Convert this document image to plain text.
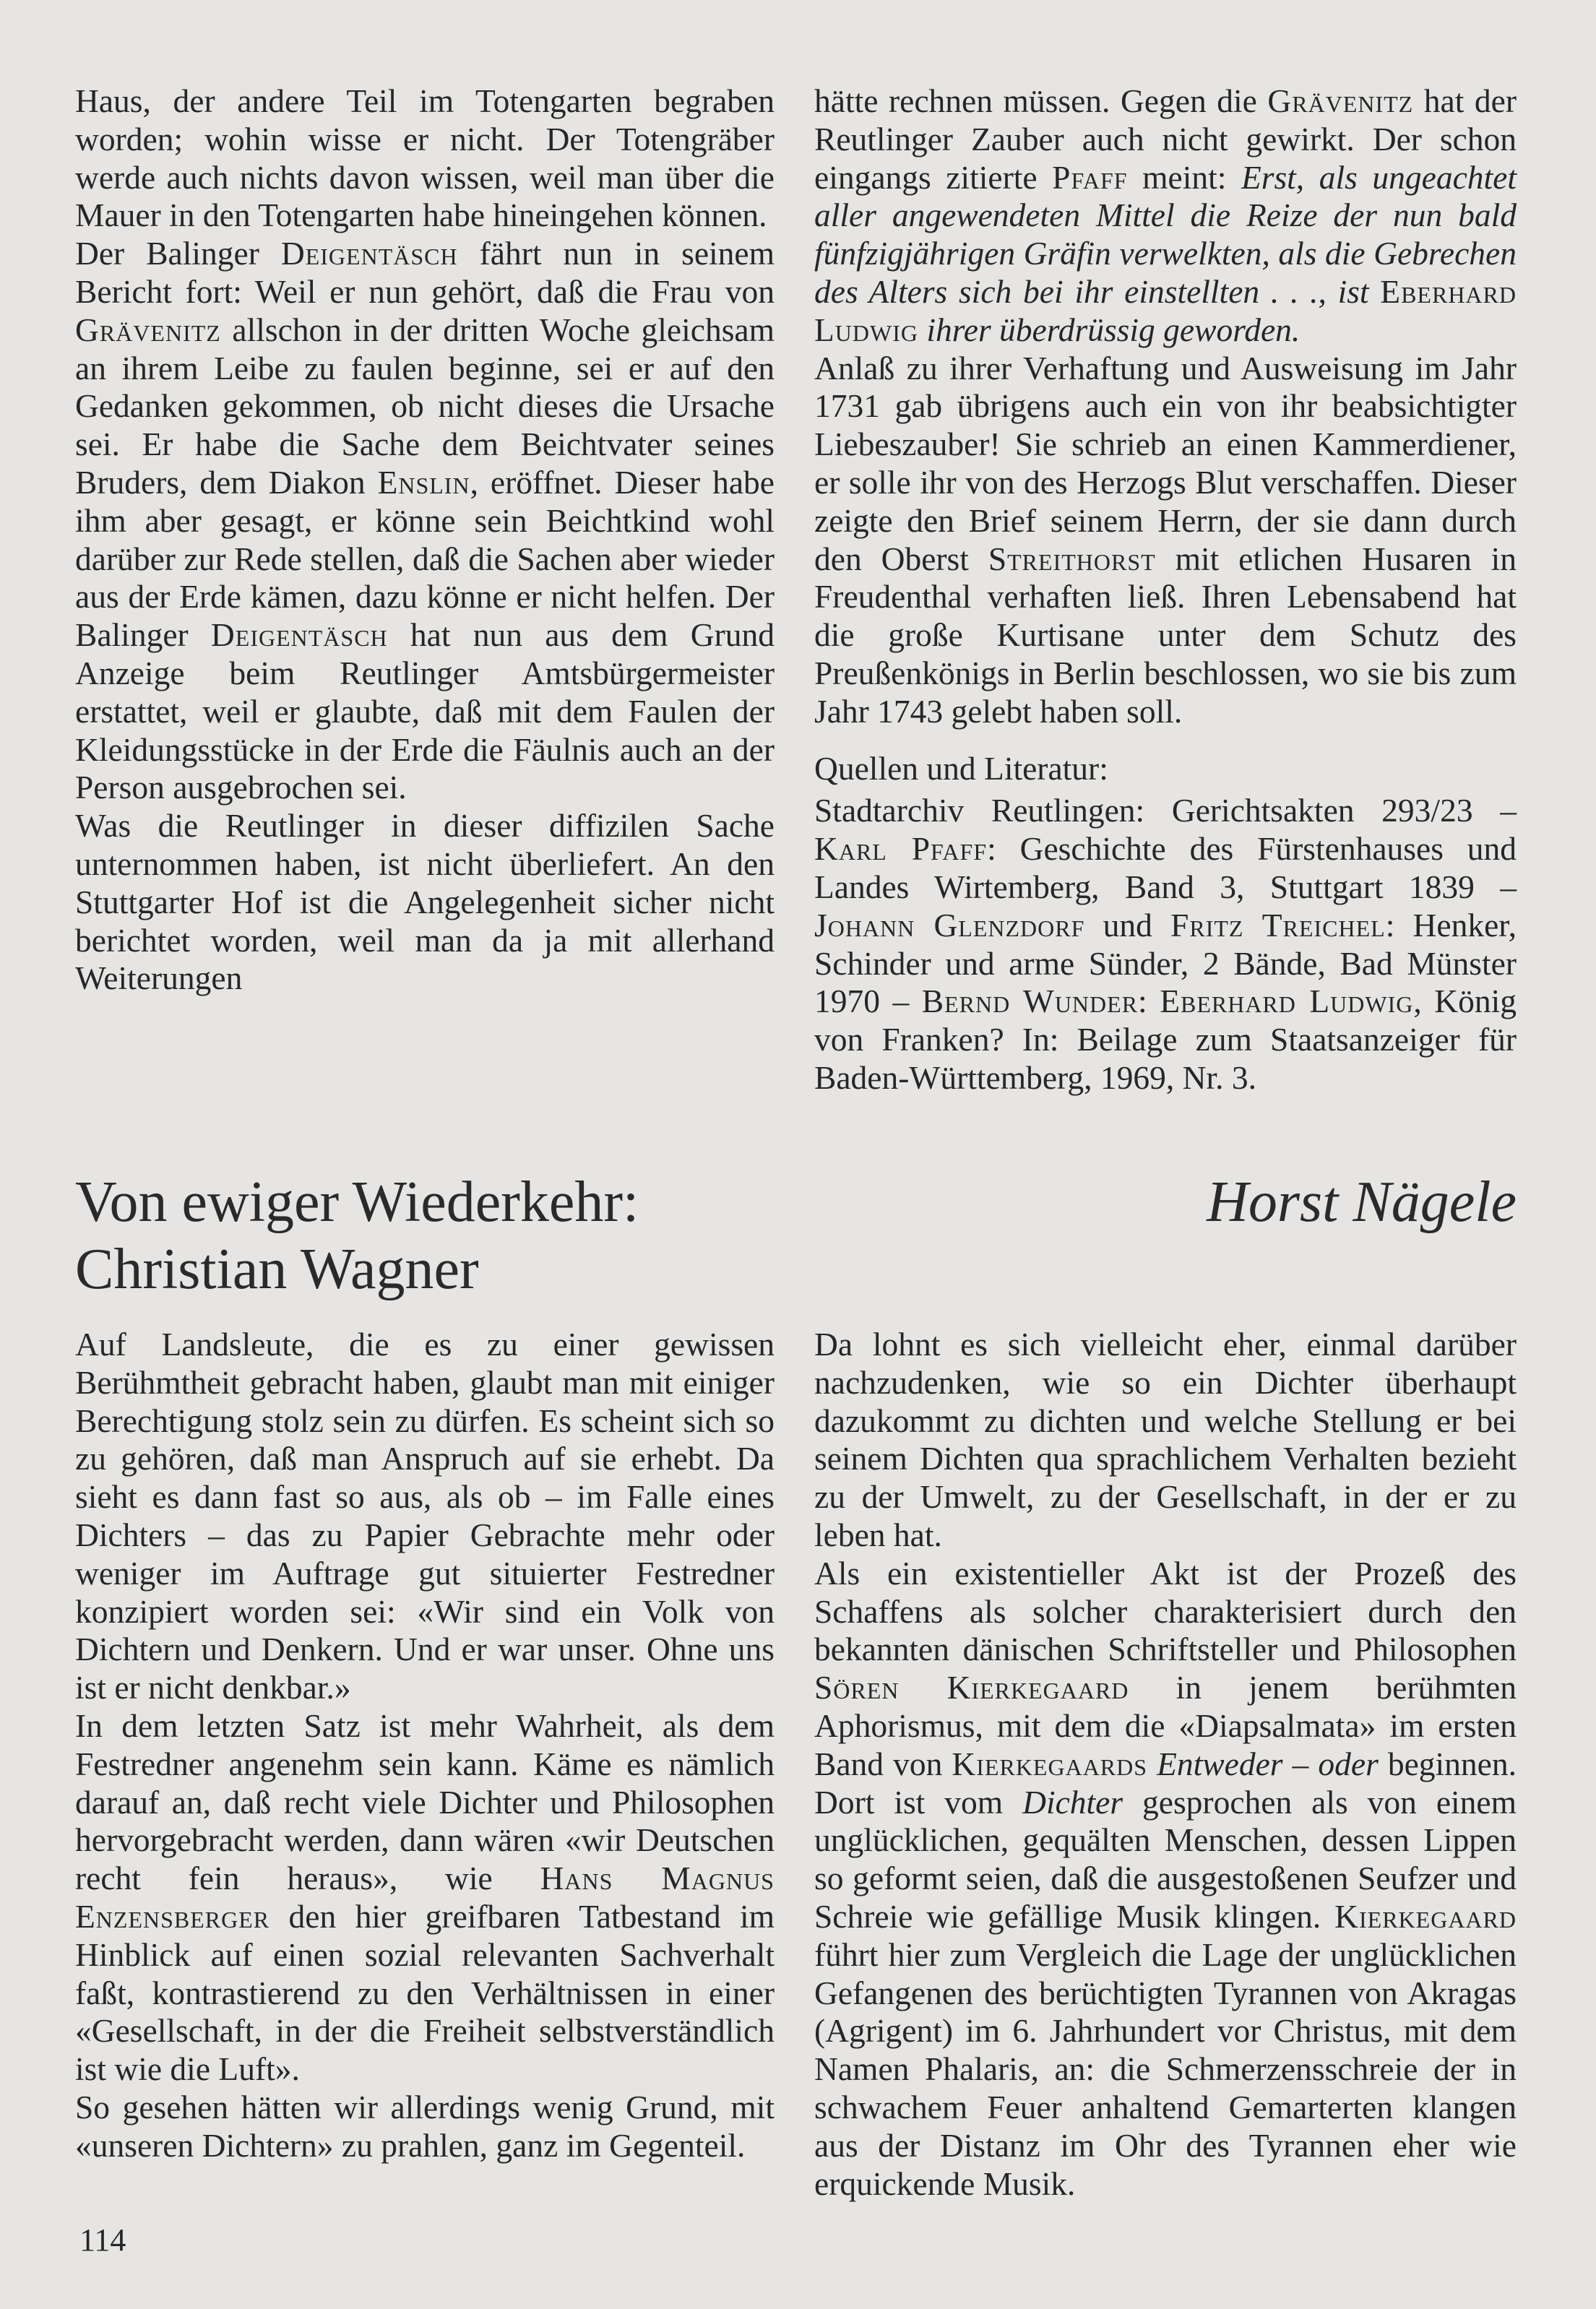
Haus, der andere Teil im Totengarten begraben worden; wohin wisse er nicht. Der Totengräber werde auch nichts davon wissen, weil man über die Mauer in den Totengarten habe hineingehen können.

Der Balinger Deigentäsch fährt nun in seinem Bericht fort: Weil er nun gehört, daß die Frau von Grävenitz allschon in der dritten Woche gleichsam an ihrem Leibe zu faulen beginne, sei er auf den Gedanken gekommen, ob nicht dieses die Ursache sei. Er habe die Sache dem Beichtvater seines Bruders, dem Diakon Enslin, eröffnet. Dieser habe ihm aber gesagt, er könne sein Beichtkind wohl darüber zur Rede stellen, daß die Sachen aber wieder aus der Erde kämen, dazu könne er nicht helfen. Der Balinger Deigentäsch hat nun aus dem Grund Anzeige beim Reutlinger Amtsbürgermeister erstattet, weil er glaubte, daß mit dem Faulen der Kleidungsstücke in der Erde die Fäulnis auch an der Person ausgebrochen sei.

Was die Reutlinger in dieser diffizilen Sache unternommen haben, ist nicht überliefert. An den Stuttgarter Hof ist die Angelegenheit sicher nicht berichtet worden, weil man da ja mit allerhand Weiterungen

hätte rechnen müssen. Gegen die Grävenitz hat der Reutlinger Zauber auch nicht gewirkt. Der schon eingangs zitierte Pfaff meint: Erst, als ungeachtet aller angewendeten Mittel die Reize der nun bald fünfzigjährigen Gräfin verwelkten, als die Gebrechen des Alters sich bei ihr einstellten . . ., ist Eberhard Ludwig ihrer überdrüssig geworden.

Anlaß zu ihrer Verhaftung und Ausweisung im Jahr 1731 gab übrigens auch ein von ihr beabsichtigter Liebeszauber! Sie schrieb an einen Kammerdiener, er solle ihr von des Herzogs Blut verschaffen. Dieser zeigte den Brief seinem Herrn, der sie dann durch den Oberst Streithorst mit etlichen Husaren in Freudenthal verhaften ließ. Ihren Lebensabend hat die große Kurtisane unter dem Schutz des Preußenkönigs in Berlin beschlossen, wo sie bis zum Jahr 1743 gelebt haben soll.

Quellen und Literatur:

Stadtarchiv Reutlingen: Gerichtsakten 293/23 – Karl Pfaff: Geschichte des Fürstenhauses und Landes Wirtemberg, Band 3, Stuttgart 1839 – Johann Glenzdorf und Fritz Treichel: Henker, Schinder und arme Sünder, 2 Bände, Bad Münster 1970 – Bernd Wunder: Eberhard Ludwig, König von Franken? In: Beilage zum Staatsanzeiger für Baden-Württemberg, 1969, Nr. 3.

Von ewiger Wiederkehr:
Christian Wagner
Horst Nägele

Auf Landsleute, die es zu einer gewissen Berühmtheit gebracht haben, glaubt man mit einiger Berechtigung stolz sein zu dürfen. Es scheint sich so zu gehören, daß man Anspruch auf sie erhebt. Da sieht es dann fast so aus, als ob – im Falle eines Dichters – das zu Papier Gebrachte mehr oder weniger im Auftrage gut situierter Festredner konzipiert worden sei: «Wir sind ein Volk von Dichtern und Denkern. Und er war unser. Ohne uns ist er nicht denkbar.»

In dem letzten Satz ist mehr Wahrheit, als dem Festredner angenehm sein kann. Käme es nämlich darauf an, daß recht viele Dichter und Philosophen hervorgebracht werden, dann wären «wir Deutschen recht fein heraus», wie Hans Magnus Enzensberger den hier greifbaren Tatbestand im Hinblick auf einen sozial relevanten Sachverhalt faßt, kontrastierend zu den Verhältnissen in einer «Gesellschaft, in der die Freiheit selbstverständlich ist wie die Luft».

So gesehen hätten wir allerdings wenig Grund, mit «unseren Dichtern» zu prahlen, ganz im Gegenteil.

Da lohnt es sich vielleicht eher, einmal darüber nachzudenken, wie so ein Dichter überhaupt dazukommt zu dichten und welche Stellung er bei seinem Dichten qua sprachlichem Verhalten bezieht zu der Umwelt, zu der Gesellschaft, in der er zu leben hat.

Als ein existentieller Akt ist der Prozeß des Schaffens als solcher charakterisiert durch den bekannten dänischen Schriftsteller und Philosophen Sören Kierkegaard in jenem berühmten Aphorismus, mit dem die «Diapsalmata» im ersten Band von Kierkegaards Entweder – oder beginnen. Dort ist vom Dichter gesprochen als von einem unglücklichen, gequälten Menschen, dessen Lippen so geformt seien, daß die ausgestoßenen Seufzer und Schreie wie gefällige Musik klingen. Kierkegaard führt hier zum Vergleich die Lage der unglücklichen Gefangenen des berüchtigten Tyrannen von Akragas (Agrigent) im 6. Jahrhundert vor Christus, mit dem Namen Phalaris, an: die Schmerzensschreie der in schwachem Feuer anhaltend Gemarterten klangen aus der Distanz im Ohr des Tyrannen eher wie erquickende Musik.

114
